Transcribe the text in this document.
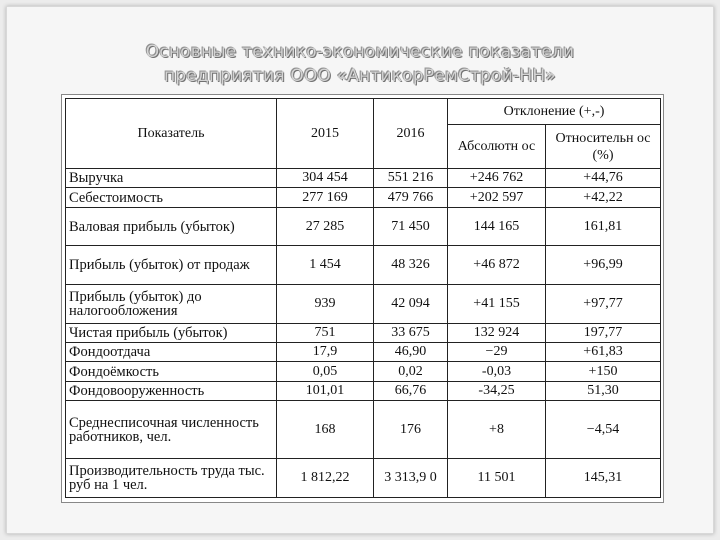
Основные технико-экономические показатели
предприятия ООО «АнтикорРемСтрой-НН»
Показатель	2015	2016	Отклонение (+,-)	
			Абсолютн ос	Относительн ос (%)
Выручка	304 454	551 216	+246 762	+44,76
Себестоимость	277 169	479 766	+202 597	+42,22
Валовая прибыль (убыток)	27 285	71 450	144 165	161,81
Прибыль (убыток) от продаж	1 454	48 326	+46 872	+96,99
Прибыль (убыток) до налогообложения	939	42 094	+41 155	+97,77
Чистая прибыль (убыток)	751	33 675	132 924	197,77
Фондоотдача	17,9	46,90	−29	+61,83
Фондоёмкость	0,05	0,02	-0,03	+150
Фондовооруженность	101,01	66,76	-34,25	51,30
Среднесписочная численность работников, чел.	168	176	+8	−4,54
Производительность труда тыс. руб на 1 чел.	1 812,22	3 313,9 0	11 501	145,31
